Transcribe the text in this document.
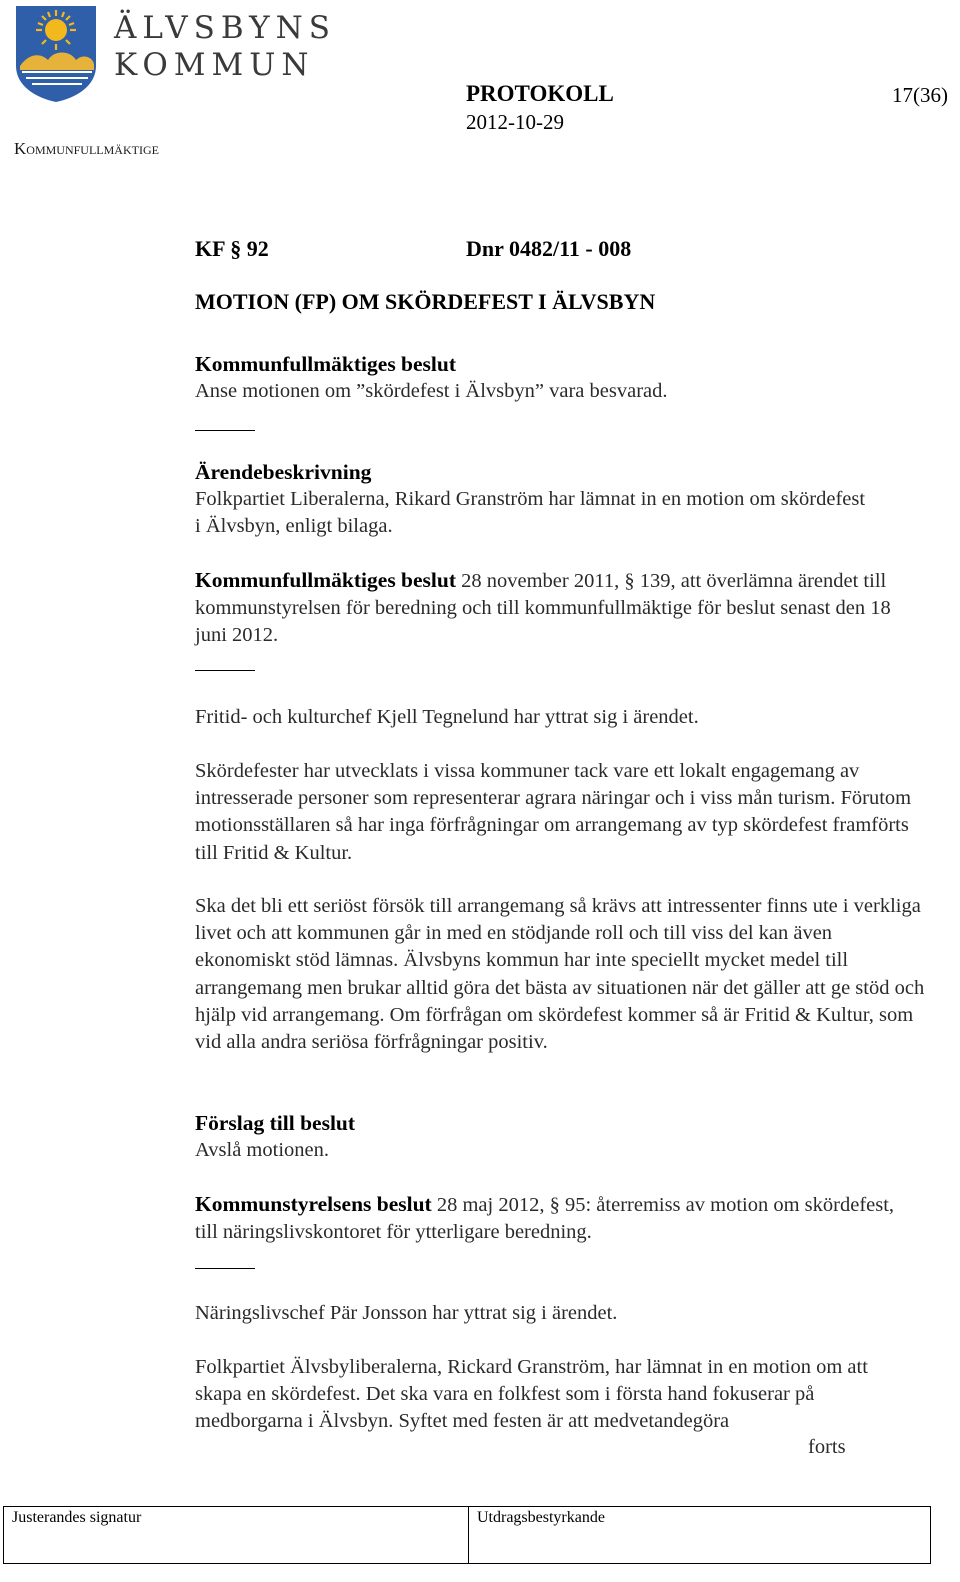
ÄLVSBYNS
KOMMUN
Kommunfullmäktige
PROTOKOLL
2012-10-29
17(36)
KF § 92	Dnr 0482/11 - 008
MOTION (FP) OM SKÖRDEFEST I ÄLVSBYN
Kommunfullmäktiges beslut
Anse motionen om ”skördefest i Älvsbyn” vara besvarad.
Ärendebeskrivning
Folkpartiet Liberalerna, Rikard Granström har lämnat in en motion om skördefest i Älvsbyn, enligt bilaga.
Kommunfullmäktiges beslut 28 november 2011, § 139, att överlämna ärendet till kommunstyrelsen för beredning och till kommunfullmäktige för beslut senast den 18 juni 2012.
Fritid- och kulturchef Kjell Tegnelund har yttrat sig i ärendet.
Skördefester har utvecklats i vissa kommuner tack vare ett lokalt engagemang av intresserade personer som representerar agrara näringar och i viss mån turism. Förutom motionsställaren så har inga förfrågningar om arrangemang av typ skördefest framförts till Fritid & Kultur.
Ska det bli ett seriöst försök till arrangemang så krävs att intressenter finns ute i verkliga livet och att kommunen går in med en stödjande roll och till viss del kan även ekonomiskt stöd lämnas. Älvsbyns kommun har inte speciellt mycket medel till arrangemang men brukar alltid göra det bästa av situationen när det gäller att ge stöd och hjälp vid arrangemang. Om förfrågan om skördefest kommer så är Fritid & Kultur, som vid alla andra seriösa förfrågningar positiv.
Förslag till beslut
Avslå motionen.
Kommunstyrelsens beslut 28 maj 2012, § 95: återremiss av motion om skördefest, till näringslivskontoret för ytterligare beredning.
Näringslivschef Pär Jonsson har yttrat sig i ärendet.
Folkpartiet Älvsbyliberalerna, Rickard Granström, har lämnat in en motion om att skapa en skördefest. Det ska vara en folkfest som i första hand fokuserar på medborgarna i Älvsbyn. Syftet med festen är att medvetandegöra
forts
Justerandes signatur	Utdragsbestyrkande
